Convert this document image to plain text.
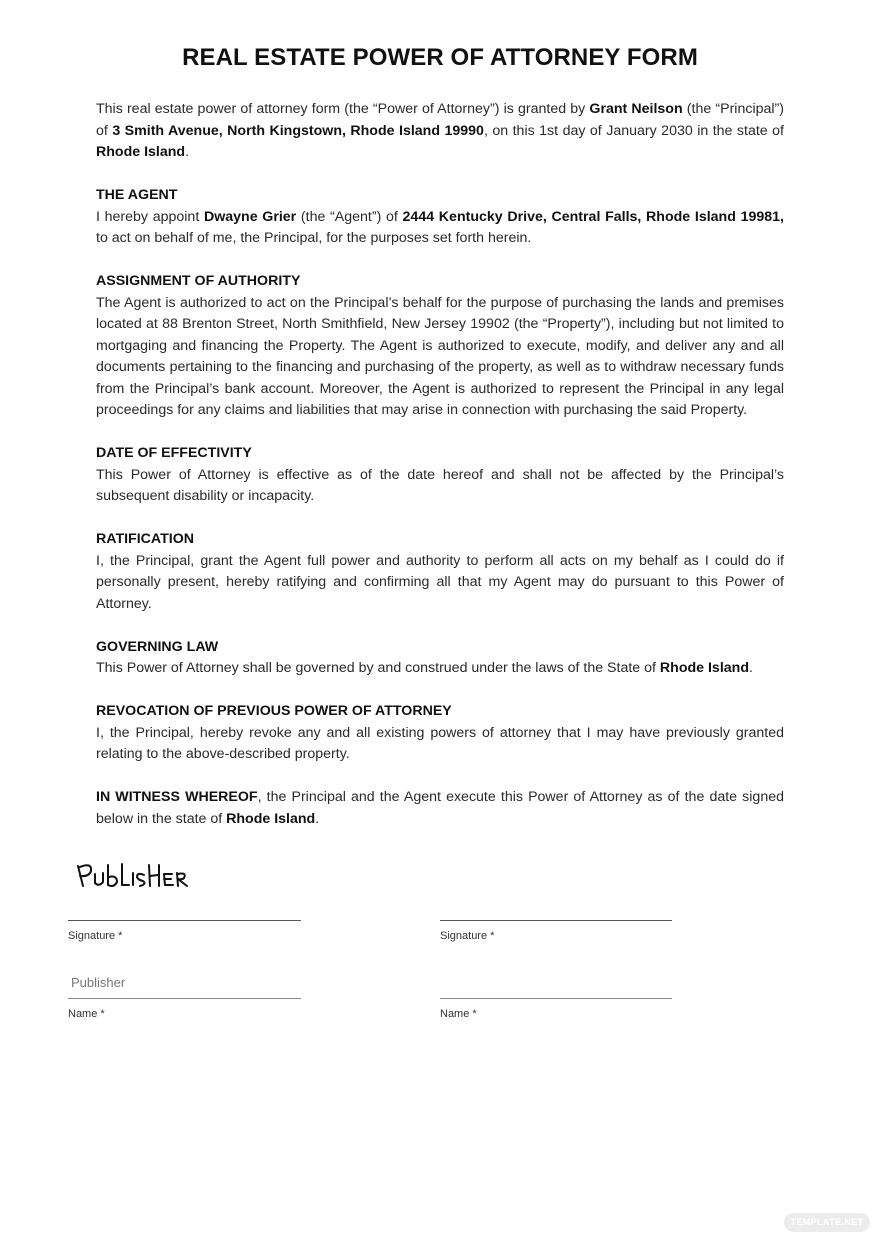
REAL ESTATE POWER OF ATTORNEY FORM

This real estate power of attorney form (the “Power of Attorney”) is granted by Grant Neilson (the “Principal”) of 3 Smith Avenue, North Kingstown, Rhode Island 19990, on this 1st day of January 2030 in the state of Rhode Island.

THE AGENT

I hereby appoint Dwayne Grier (the “Agent”) of 2444 Kentucky Drive, Central Falls, Rhode Island 19981, to act on behalf of me, the Principal, for the purposes set forth herein.

ASSIGNMENT OF AUTHORITY

The Agent is authorized to act on the Principal’s behalf for the purpose of purchasing the lands and premises located at 88 Brenton Street, North Smithfield, New Jersey 19902 (the “Property”), including but not limited to mortgaging and financing the Property. The Agent is authorized to execute, modify, and deliver any and all documents pertaining to the financing and purchasing of the property, as well as to withdraw necessary funds from the Principal’s bank account. Moreover, the Agent is authorized to represent the Principal in any legal proceedings for any claims and liabilities that may arise in connection with purchasing the said Property.

DATE OF EFFECTIVITY

This Power of Attorney is effective as of the date hereof and shall not be affected by the Principal’s subsequent disability or incapacity.

RATIFICATION

I, the Principal, grant the Agent full power and authority to perform all acts on my behalf as I could do if personally present, hereby ratifying and confirming all that my Agent may do pursuant to this Power of Attorney.

GOVERNING LAW

This Power of Attorney shall be governed by and construed under the laws of the State of Rhode Island.

REVOCATION OF PREVIOUS POWER OF ATTORNEY

I, the Principal, hereby revoke any and all existing powers of attorney that I may have previously granted relating to the above-described property.

IN WITNESS WHEREOF, the Principal and the Agent execute this Power of Attorney as of the date signed below in the state of Rhode Island.

Signature *
Publisher
Name *
Signature *
Name *
TEMPLATE.NET
